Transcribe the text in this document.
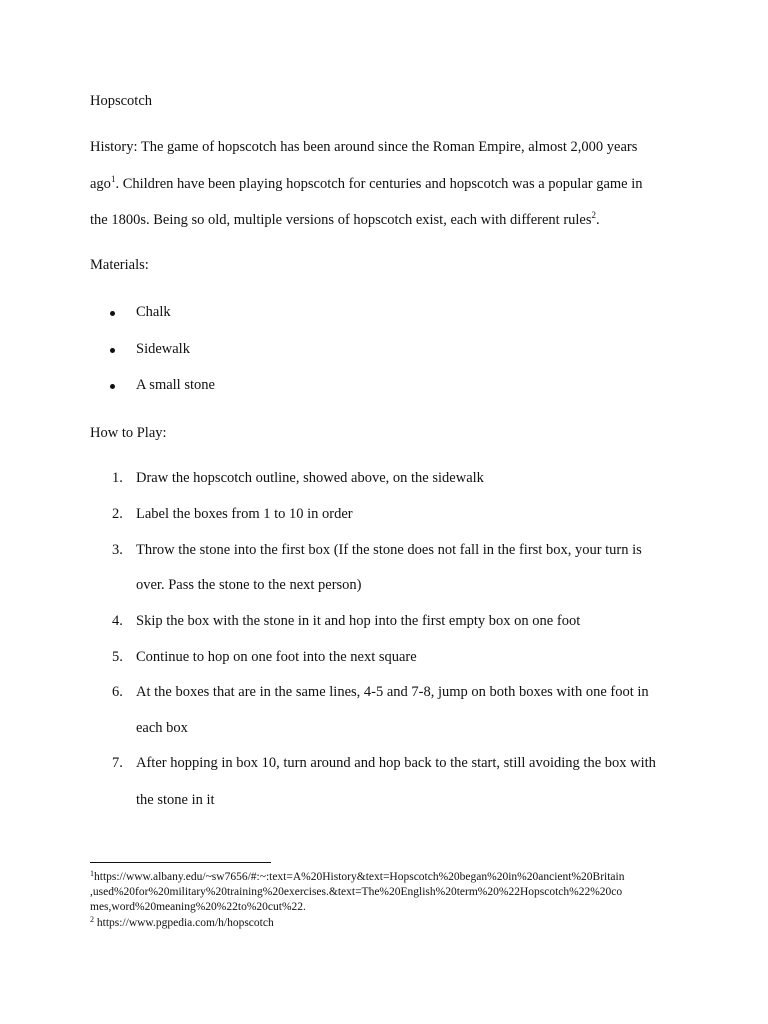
Hopscotch
History: The game of hopscotch has been around since the Roman Empire, almost 2,000 years
ago$^1$. Children have been playing hopscotch for centuries and hopscotch was a popular game in
the 1800s. Being so old, multiple versions of hopscotch exist, each with different rules$^2$.
Materials:
Chalk
Sidewalk
A small stone
How to Play:
1. Draw the hopscotch outline, showed above, on the sidewalk
2. Label the boxes from 1 to 10 in order
3. Throw the stone into the first box (If the stone does not fall in the first box, your turn is
over. Pass the stone to the next person)
4. Skip the box with the stone in it and hop into the first empty box on one foot
5. Continue to hop on one foot into the next square
6. At the boxes that are in the same lines, 4-5 and 7-8, jump on both boxes with one foot in
each box
7. After hopping in box 10, turn around and hop back to the start, still avoiding the box with
the stone in it
$^1$https://www.albany.edu/~sw7656/#:~:text=A%20History&text=Hopscotch%20began%20in%20ancient%20Britain
,used%20for%20military%20training%20exercises.&text=The%20English%20term%20%22Hopscotch%22%20co
mes,word%20meaning%20%22to%20cut%22.
$^2$ https://www.pgpedia.com/h/hopscotch
